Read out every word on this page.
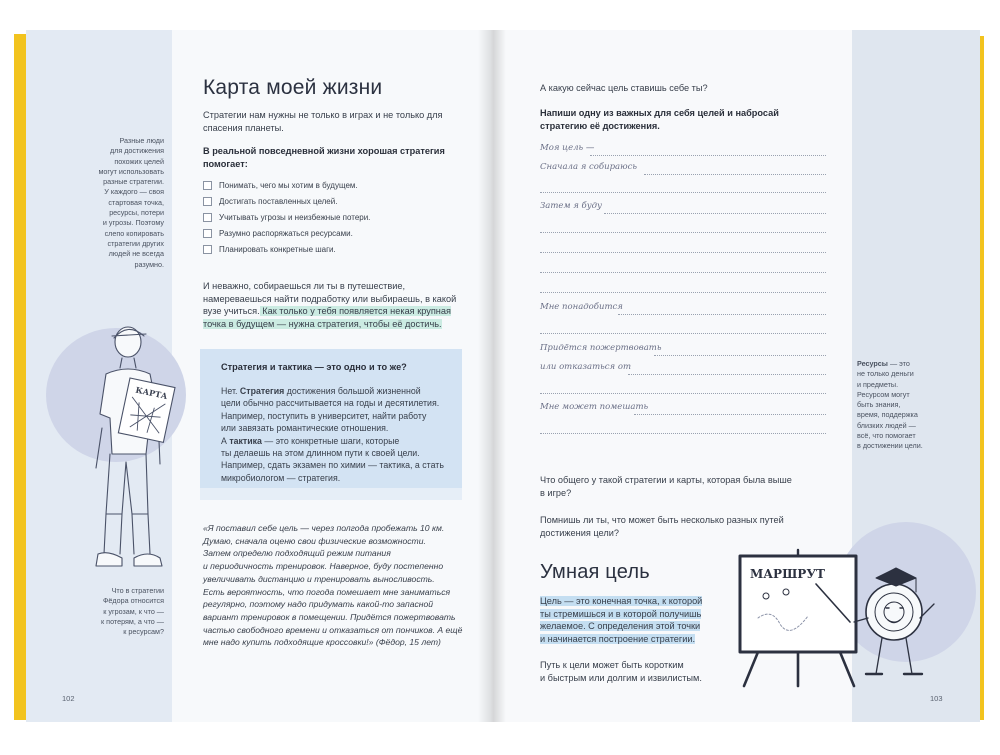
Разные люди
для достижения
похожих целей
могут использовать
разные стратегии.
У каждого — своя
стартовая точка,
ресурсы, потери
и угрозы. Поэтому
слепо копировать
стратегии других
людей не всегда
разумно.
Карта моей жизни
Стратегии нам нужны не только в играх и не только для
спасения планеты.
В реальной повседневной жизни хорошая стратегия
помогает:
Понимать, чего мы хотим в будущем.
Достигать поставленных целей.
Учитывать угрозы и неизбежные потери.
Разумно распоряжаться ресурсами.
Планировать конкретные шаги.
И неважно, собираешься ли ты в путешествие,
намереваешься найти подработку или выбираешь, в какой
вузе учиться. Как только у тебя появляется некая крупная
точка в будущем — нужна стратегия, чтобы её достичь.
КАРТА
Стратегия и тактика — это одно и то же?
Нет. Стратегия достижения большой жизненной
цели обычно рассчитывается на годы и десятилетия.
Например, поступить в университет, найти работу
или завязать романтические отношения.
А тактика — это конкретные шаги, которые
ты делаешь на этом длинном пути к своей цели.
Например, сдать экзамен по химии — тактика, а стать
микробиологом — стратегия.
«Я поставил себе цель — через полгода пробежать 10 км.
Думаю, сначала оценю свои физические возможности.
Затем определю подходящий режим питания
и периодичность тренировок. Наверное, буду постепенно
увеличивать дистанцию и тренировать выносливость.
Есть вероятность, что погода помешает мне заниматься
регулярно, поэтому надо придумать какой-то запасной
вариант тренировок в помещении. Придётся пожертвовать
частью свободного времени и отказаться от пончиков. А ещё
мне надо купить подходящие кроссовки!» (Фёдор, 15 лет)
Что в стратегии
Фёдора относится
к угрозам, к что —
к потерям, а что —
к ресурсам?
102
А какую сейчас цель ставишь себе ты?
Напиши одну из важных для себя целей и набросай
стратегию её достижения.
Моя цель —
Сначала я собираюсь
Затем я буду
Мне понадобится
Придётся пожертвовать
или отказаться от
Мне может помешать
Что общего у такой стратегии и карты, которая была выше
в игре?
Помнишь ли ты, что может быть несколько разных путей
достижения цели?
Умная цель
Цель — это конечная точка, к которой
ты стремишься и в которой получишь
желаемое. С определения этой точки
и начинается построение стратегии.
Путь к цели может быть коротким
и быстрым или долгим и извилистым.
Ресурсы — это
не только деньги
и предметы.
Ресурсом могут
быть знания,
время, поддержка
близких людей —
всё, что помогает
в достижении цели.
МАРШРУТ
103
